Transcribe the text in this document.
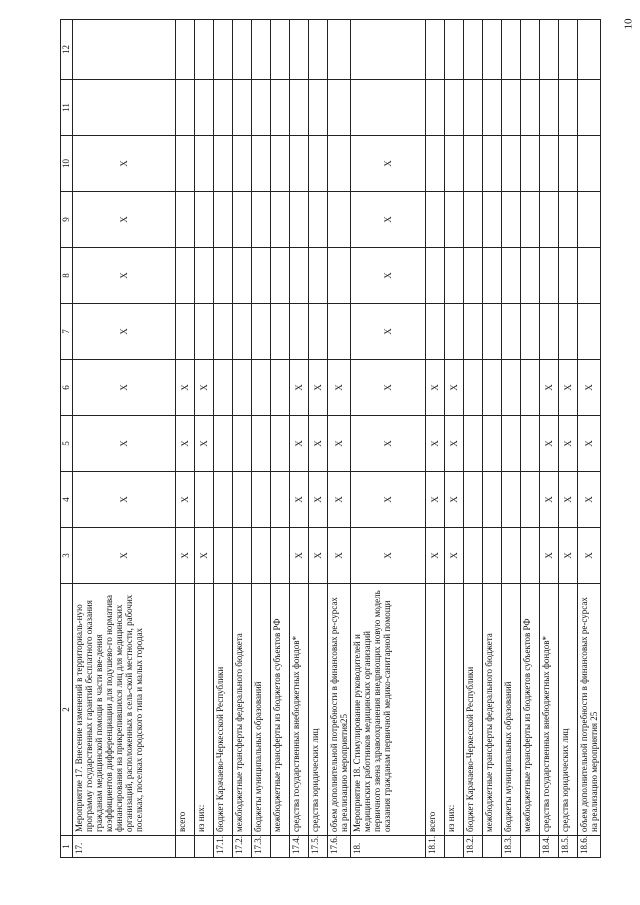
10
1	2	3	4	5	6	7	8	9	10	11	12	
17.	Мероприятие 17. Внесение изменений в территориаль-ную программу государственных гарантий бесплатного оказания гражданам медицинской помощи в части вве-дения коэффициентов дифференциации для подушево-го норматива финансирования на прикрепившихся лиц для медицинских организаций, расположенных в сель-ской местности, рабочих поселках, поселках городского типа и малых городах	X	X	X	X	X	X	X	X			
	всего	X	X	X	X							
	из них:	X		X	X							
17.1.	бюджет Карачаево-Черкесской Республики											
17.2.	межбюджетные трансферты федерального бюджета											
17.3.	бюджеты муниципальных образований											
	межбюджетные трансферты из бюджетов субъектов РФ											
17.4.	средства государственных внебюджетных фондов*	X	X	X	X							
17.5.	средства юридических лиц	X	X	X	X							
17.6.	объем дополнительной потребности в финансовых ре-сурсах на реализацию мероприятия25	X	X	X	X							
18.	Мероприятие 18. Стимулирование руководителей и медицинских работников медицинских организаций первичного звена здравоохранения внедряющих новую модель оказания гражданам первичной медико-санитарной помощи	X	X	X	X	X	X	X	X			
18.1.	всего	X	X	X	X							
	из них:	X	X	X	X							
18.2.	бюджет Карачаево-Черкесской Республики											
	межбюджетные трансферты федерального бюджета											
18.3.	бюджеты муниципальных образований											
	межбюджетные трансферты из бюджетов субъектов РФ											
18.4.	средства государственных внебюджетных фондов*	X	X	X	X							
18.5.	средства юридических лиц	X	X	X	X							
18.6.	объем дополнительной потребности в финансовых ре-сурсах на реализацию мероприятия 25	X	X	X	X							
